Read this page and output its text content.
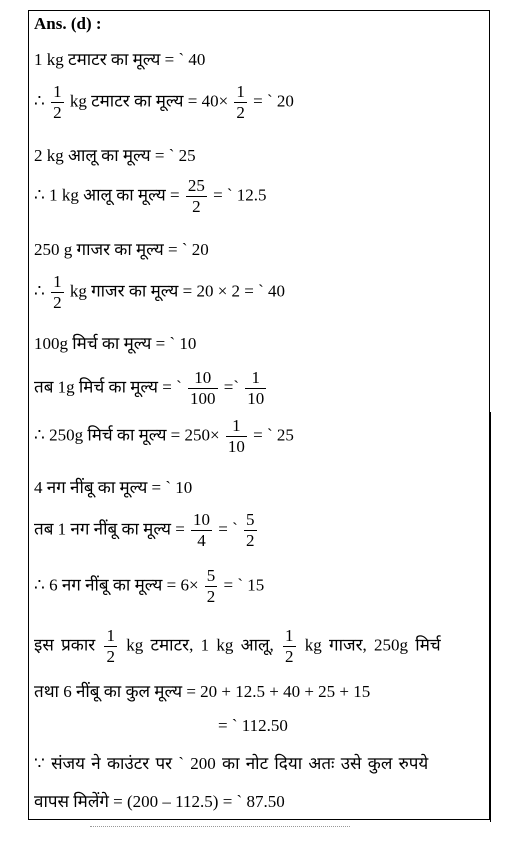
Ans. (d) :
1 kg टमाटर का मूल्य = ` 40
∴ $\frac{1}{2}$ kg टमाटर का मूल्य = $40\times \frac{1}{2}$ = ` 20
2 kg आलू का मूल्य = ` 25
∴ 1 kg आलू का मूल्य = $\frac{25}{2}$ = ` 12.5
250 g गाजर का मूल्य = ` 20
∴ $\frac{1}{2}$ kg गाजर का मूल्य = 20 × 2 = ` 40
100g मिर्च का मूल्य = ` 10
तब 1g मिर्च का मूल्य = ` $\frac{10}{100}$ =` $\frac{1}{10}$
∴ 250g मिर्च का मूल्य = $250\times \frac{1}{10}$ = ` 25
4 नग नींबू का मूल्य = ` 10
तब 1 नग नींबू का मूल्य = $\frac{10}{4}$ = ` $\frac{5}{2}$
∴ 6 नग नींबू का मूल्य = $6\times \frac{5}{2}$ = ` 15
इस प्रकार $\frac{1}{2}$ kg टमाटर, 1 kg आलू, $\frac{1}{2}$ kg गाजर, 250g मिर्च
तथा 6 नींबू का कुल मूल्य = 20 + 12.5 + 40 + 25 + 15
= ` 112.50
∵ संजय ने काउंटर पर ` 200 का नोट दिया अतः उसे कुल रुपये
वापस मिलेंगे = (200 – 112.5) = ` 87.50
